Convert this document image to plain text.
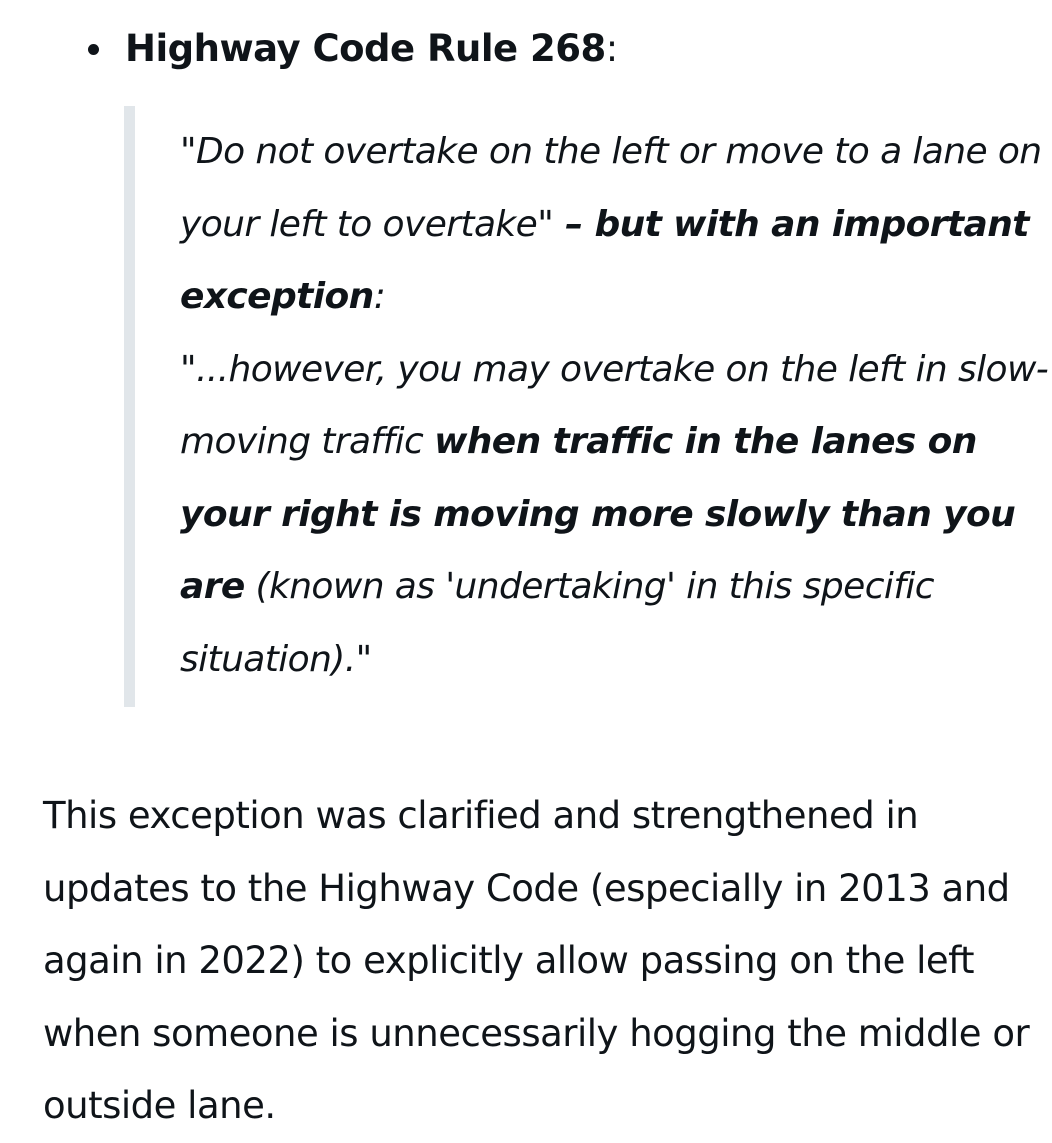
Highway Code Rule 268:

"Do not overtake on the left or move to a lane on your left to overtake" – but with an important exception:

"...however, you may overtake on the left in slow-moving traffic when traffic in the lanes on your right is moving more slowly than you are (known as 'undertaking' in this specific situation)."

This exception was clarified and strengthened in updates to the Highway Code (especially in 2013 and again in 2022) to explicitly allow passing on the left when someone is unnecessarily hogging the middle or outside lane.
